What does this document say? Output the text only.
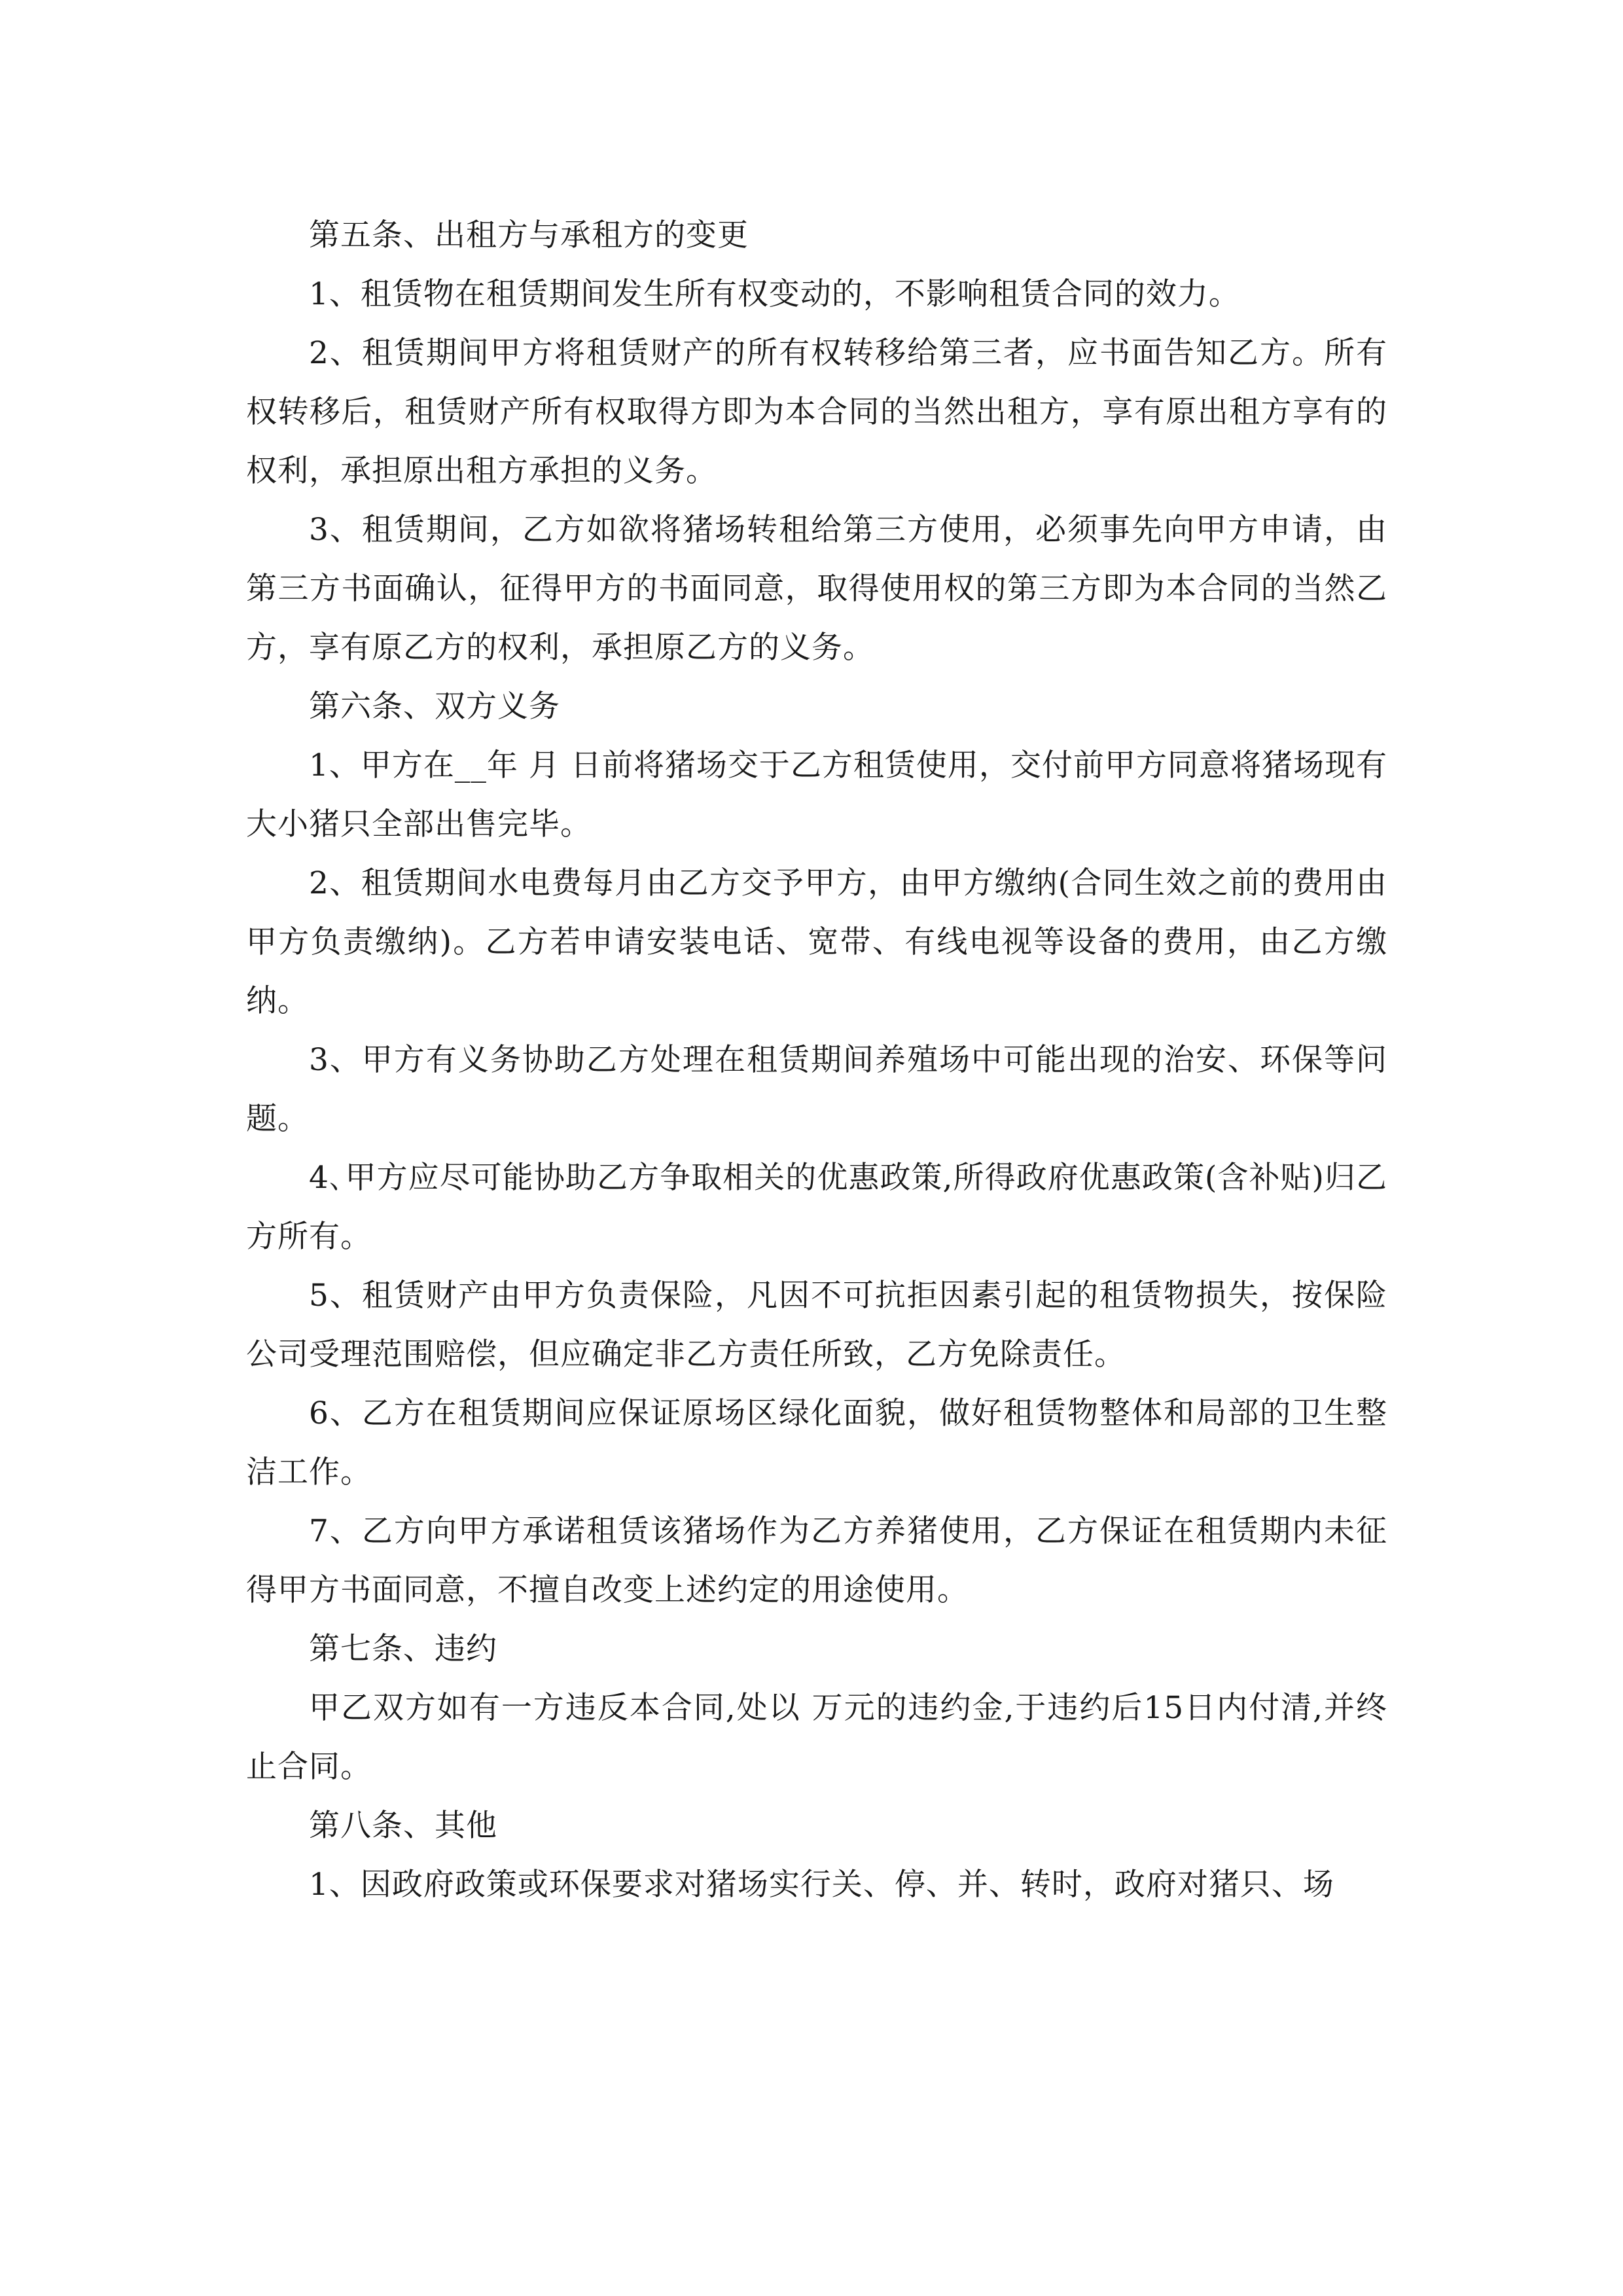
第五条、出租方与承租方的变更

1、租赁物在租赁期间发生所有权变动的，不影响租赁合同的效力。

2、租赁期间甲方将租赁财产的所有权转移给第三者，应书面告知乙方。所有权转移后，租赁财产所有权取得方即为本合同的当然出租方，享有原出租方享有的权利，承担原出租方承担的义务。

3、租赁期间，乙方如欲将猪场转租给第三方使用，必须事先向甲方申请，由第三方书面确认，征得甲方的书面同意，取得使用权的第三方即为本合同的当然乙方，享有原乙方的权利，承担原乙方的义务。

第六条、双方义务

1、甲方在__年 月 日前将猪场交于乙方租赁使用，交付前甲方同意将猪场现有大小猪只全部出售完毕。

2、租赁期间水电费每月由乙方交予甲方，由甲方缴纳(合同生效之前的费用由甲方负责缴纳)。乙方若申请安装电话、宽带、有线电视等设备的费用，由乙方缴纳。

3、甲方有义务协助乙方处理在租赁期间养殖场中可能出现的治安、环保等问题。

4､甲方应尽可能协助乙方争取相关的优惠政策,所得政府优惠政策(含补贴)归乙方所有。

5、租赁财产由甲方负责保险，凡因不可抗拒因素引起的租赁物损失，按保险公司受理范围赔偿，但应确定非乙方责任所致，乙方免除责任。

6、乙方在租赁期间应保证原场区绿化面貌，做好租赁物整体和局部的卫生整洁工作。

7、乙方向甲方承诺租赁该猪场作为乙方养猪使用，乙方保证在租赁期内未征得甲方书面同意，不擅自改变上述约定的用途使用。

第七条、违约

甲乙双方如有一方违反本合同,处以 万元的违约金,于违约后15日内付清,并终止合同。

第八条、其他

1、因政府政策或环保要求对猪场实行关、停、并、转时，政府对猪只、场
